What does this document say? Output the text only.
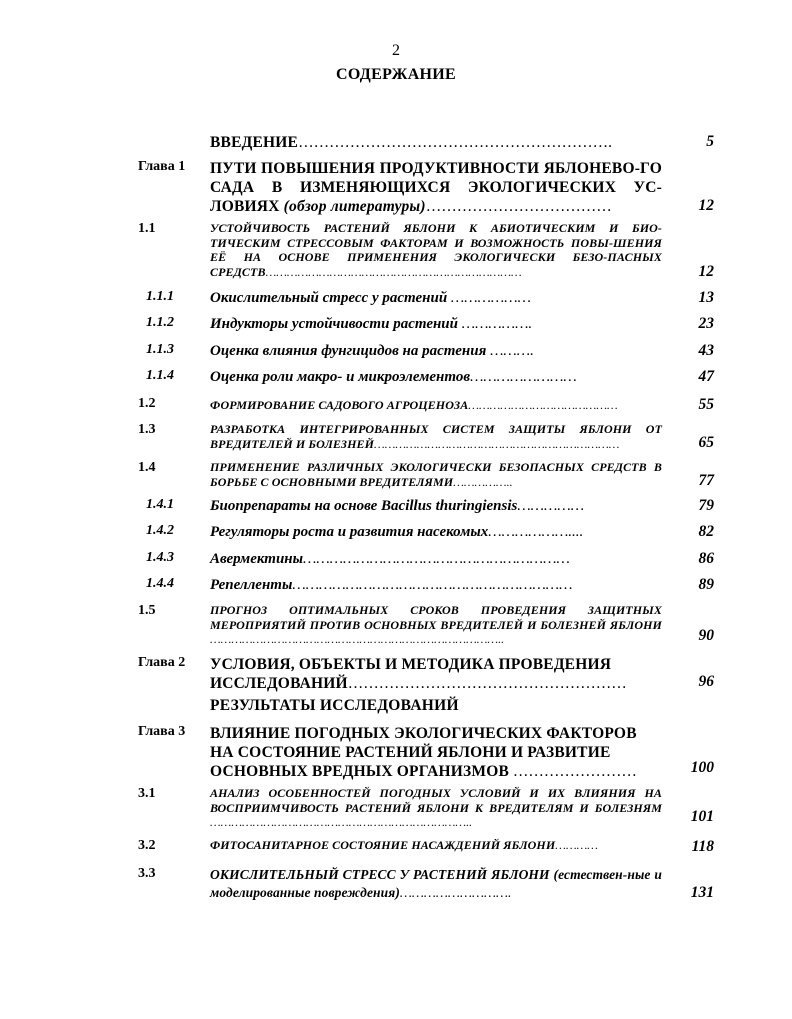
2
СОДЕРЖАНИЕ
ВВЕДЕНИЕ…………………………………………………….	5
Глава 1 ПУТИ ПОВЫШЕНИЯ ПРОДУКТИВНОСТИ ЯБЛОНЕВО-ГО САДА В ИЗМЕНЯЮЩИХСЯ ЭКОЛОГИЧЕСКИХ УС-ЛОВИЯХ (обзор литературы)………………………………	12
1.1	УСТОЙЧИВОСТЬ РАСТЕНИЙ ЯБЛОНИ К АБИОТИЧЕСКИМ И БИО-ТИЧЕСКИМ СТРЕССОВЫМ ФАКТОРАМ И ВОЗМОЖНОСТЬ ПОВЫ-ШЕНИЯ ЕЁ НА ОСНОВЕ ПРИМЕНЕНИЯ ЭКОЛОГИЧЕСКИ БЕЗО-ПАСНЫХ СРЕДСТВ………………………………………………………………	12
1.1.1 Окислительный стресс у растений ………………	13
1.1.2 Индукторы устойчивости растений …………….	23
1.1.3 Оценка влияния фунгицидов на растения ……….	43
1.1.4 Оценка роли макро- и микроэлементов……………………	47
1.2	ФОРМИРОВАНИЕ САДОВОГО АГРОЦЕНОЗА……………………………………	55
1.3	РАЗРАБОТКА ИНТЕГРИРОВАННЫХ СИСТЕМ ЗАЩИТЫ ЯБЛОНИ ОТ ВРЕДИТЕЛЕЙ И БОЛЕЗНЕЙ……………………………………………………………	65
1.4	ПРИМЕНЕНИЕ РАЗЛИЧНЫХ ЭКОЛОГИЧЕСКИ БЕЗОПАСНЫХ СРЕДСТВ В БОРЬБЕ С ОСНОВНЫМИ ВРЕДИТЕЛЯМИ……………..	77
1.4.1 Биопрепараты на основе Bacillus thuringiensis……………	79
1.4.2 Регуляторы роста и развития насекомых………………....	82
1.4.3 Авермектины……………………………………………………	86
1.4.4 Репелленты………………………………………………………	89
1.5	ПРОГНОЗ ОПТИМАЛЬНЫХ СРОКОВ ПРОВЕДЕНИЯ ЗАЩИТНЫХ МЕРОПРИЯТИЙ ПРОТИВ ОСНОВНЫХ ВРЕДИТЕЛЕЙ И БОЛЕЗНЕЙ ЯБЛОНИ ………………………………………………………………………..	90
Глава 2 УСЛОВИЯ, ОБЪЕКТЫ И МЕТОДИКА ПРОВЕДЕНИЯ ИССЛЕДОВАНИЙ………………………………………………	96
РЕЗУЛЬТАТЫ ИССЛЕДОВАНИЙ
Глава 3 ВЛИЯНИЕ ПОГОДНЫХ ЭКОЛОГИЧЕСКИХ ФАКТОРОВ НА СОСТОЯНИЕ РАСТЕНИЙ ЯБЛОНИ И РАЗВИТИЕ ОСНОВНЫХ ВРЕДНЫХ ОРГАНИЗМОВ ……………………	100
3.1	АНАЛИЗ ОСОБЕННОСТЕЙ ПОГОДНЫХ УСЛОВИЙ И ИХ ВЛИЯНИЯ НА ВОСПРИИМЧИВОСТЬ РАСТЕНИЙ ЯБЛОНИ К ВРЕДИТЕЛЯМ И БОЛЕЗНЯМ ………………………………………………………………..	101
3.2	ФИТОСАНИТАРНОЕ СОСТОЯНИЕ НАСАЖДЕНИЙ ЯБЛОНИ…………	118
3.3	ОКИСЛИТЕЛЬНЫЙ СТРЕСС У РАСТЕНИЙ ЯБЛОНИ (естествен-ные и моделированные повреждения)……………………….	131
